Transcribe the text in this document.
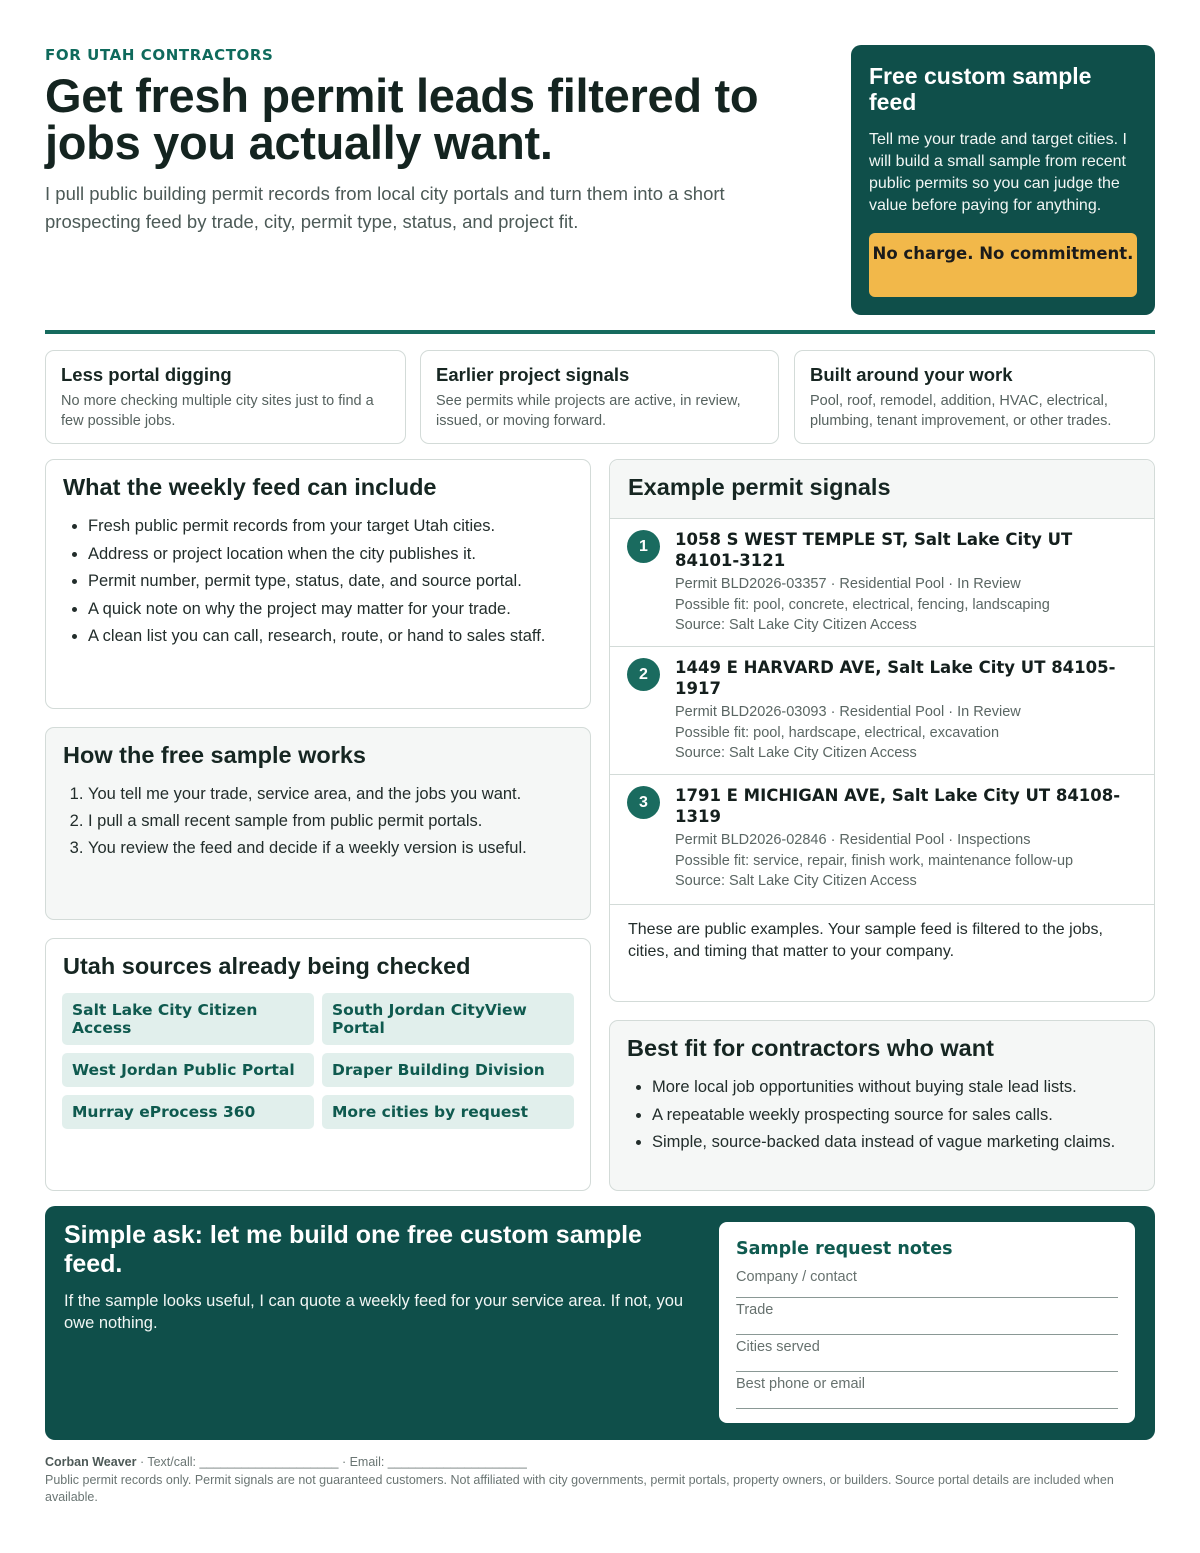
FOR UTAH CONTRACTORS
Get fresh permit leads filtered to jobs you actually want.

I pull public building permit records from local city portals and turn them into a short prospecting feed by trade, city, permit type, status, and project fit.

Free custom sample feed

Tell me your trade and target cities. I will build a small sample from recent public permits so you can judge the value before paying for anything.

No charge. No commitment.
Less portal digging

No more checking multiple city sites just to find a few possible jobs.

Earlier project signals

See permits while projects are active, in review, issued, or moving forward.

Built around your work

Pool, roof, remodel, addition, HVAC, electrical, plumbing, tenant improvement, or other trades.

What the weekly feed can include
• Fresh public permit records from your target Utah cities.
• Address or project location when the city publishes it.
• Permit number, permit type, status, date, and source portal.
• A quick note on why the project may matter for your trade.
• A clean list you can call, research, route, or hand to sales staff.
How the free sample works
1. You tell me your trade, service area, and the jobs you want.
2. I pull a small recent sample from public permit portals.
3. You review the feed and decide if a weekly version is useful.
Utah sources already being checked
Salt Lake City Citizen Access
South Jordan CityView Portal
West Jordan Public Portal	Draper Building Division
Murray eProcess 360	More cities by request
Example permit signals
1	1058 S WEST TEMPLE ST, Salt Lake City UT 84101-3121
Permit BLD2026-03357 · Residential Pool · In Review
Possible fit: pool, concrete, electrical, fencing, landscaping
Source: Salt Lake City Citizen Access
2	1449 E HARVARD AVE, Salt Lake City UT 84105-1917
Permit BLD2026-03093 · Residential Pool · In Review
Possible fit: pool, hardscape, electrical, excavation
Source: Salt Lake City Citizen Access
3	1791 E MICHIGAN AVE, Salt Lake City UT 84108-1319
Permit BLD2026-02846 · Residential Pool · Inspections
Possible fit: service, repair, finish work, maintenance follow-up
Source: Salt Lake City Citizen Access
These are public examples. Your sample feed is filtered to the jobs, cities, and timing that matter to your company.
Best fit for contractors who want
• More local job opportunities without buying stale lead lists.
• A repeatable weekly prospecting source for sales calls.
• Simple, source-backed data instead of vague marketing claims.
Simple ask: let me build one free custom sample feed.

If the sample looks useful, I can quote a weekly feed for your service area. If not, you owe nothing.

Sample request notes
Company / contact
Trade
Cities served
Best phone or email
Corban Weaver · Text/call: ____________________ · Email: ____________________
Public permit records only. Permit signals are not guaranteed customers. Not affiliated with city governments, permit portals, property owners, or builders. Source portal details are included when available.
